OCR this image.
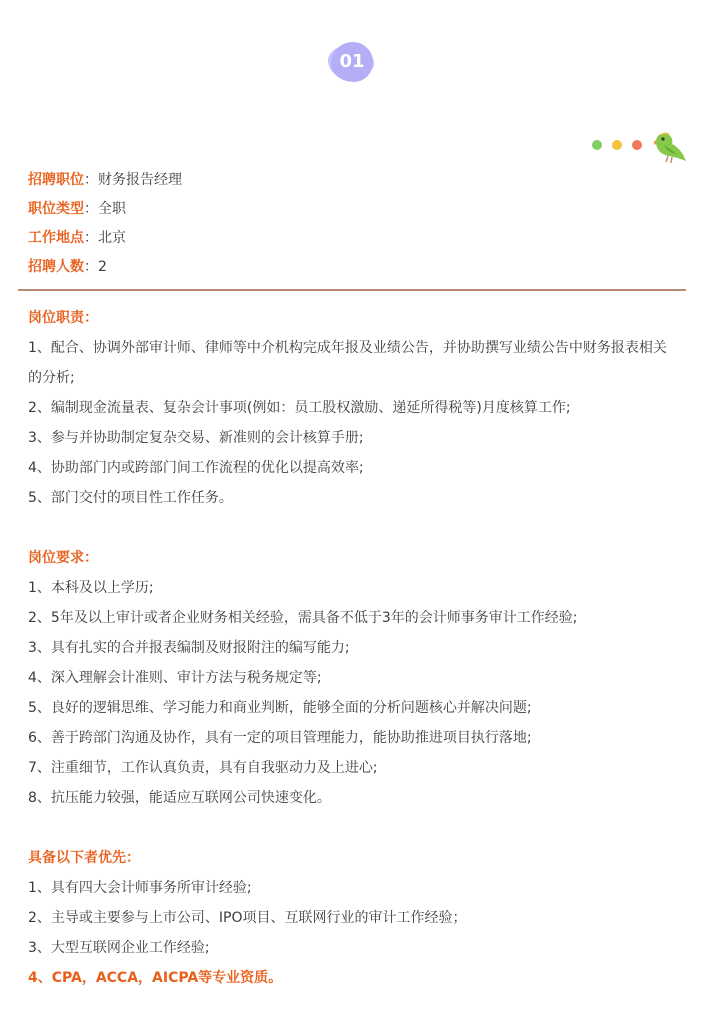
01
招聘职位：财务报告经理
职位类型：全职
工作地点：北京
招聘人数：2
岗位职责：
1、配合、协调外部审计师、律师等中介机构完成年报及业绩公告，并协助撰写业绩公告中财务报表相关的分析;
2、编制现金流量表、复杂会计事项(例如：员工股权激励、递延所得税等)月度核算工作;
3、参与并协助制定复杂交易、新准则的会计核算手册;
4、协助部门内或跨部门间工作流程的优化以提高效率;
5、部门交付的项目性工作任务。
岗位要求：
1、本科及以上学历;
2、5年及以上审计或者企业财务相关经验，需具备不低于3年的会计师事务审计工作经验;
3、具有扎实的合并报表编制及财报附注的编写能力;
4、深入理解会计准则、审计方法与税务规定等;
5、良好的逻辑思维、学习能力和商业判断，能够全面的分析问题核心并解决问题;
6、善于跨部门沟通及协作，具有一定的项目管理能力，能协助推进项目执行落地;
7、注重细节，工作认真负责，具有自我驱动力及上进心;
8、抗压能力较强，能适应互联网公司快速变化。
具备以下者优先：
1、具有四大会计师事务所审计经验;
2、主导或主要参与上市公司、IPO项目、互联网行业的审计工作经验；
3、大型互联网企业工作经验;
4、CPA，ACCA，AICPA等专业资质。
